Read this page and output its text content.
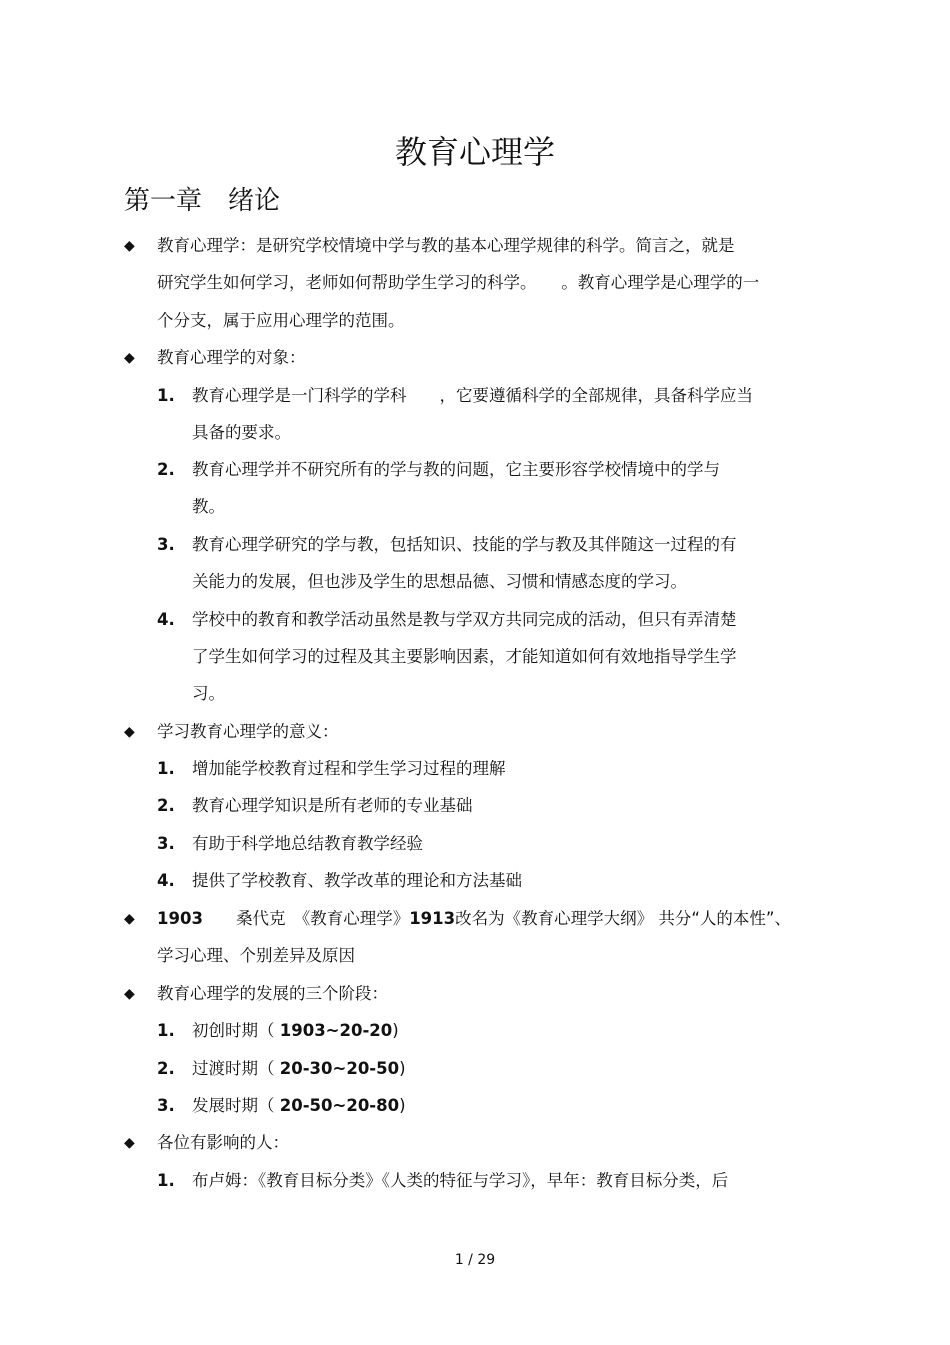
教育心理学
第一章　绪论
◆ 教育心理学：是研究学校情境中学与教的基本心理学规律的科学。简言之，就是
研究学生如何学习，老师如何帮助学生学习的科学。　　。教育心理学是心理学的一
个分支，属于应用心理学的范围。
◆ 教育心理学的对象：
1. 教育心理学是一门科学的学科　　，它要遵循科学的全部规律，具备科学应当
具备的要求。
2. 教育心理学并不研究所有的学与教的问题，它主要形容学校情境中的学与
教。
3. 教育心理学研究的学与教，包括知识、技能的学与教及其伴随这一过程的有
关能力的发展，但也涉及学生的思想品德、习惯和情感态度的学习。
4. 学校中的教育和教学活动虽然是教与学双方共同完成的活动，但只有弄清楚
了学生如何学习的过程及其主要影响因素，才能知道如何有效地指导学生学
习。
◆ 学习教育心理学的意义：
1. 增加能学校教育过程和学生学习过程的理解
2. 教育心理学知识是所有老师的专业基础
3. 有助于科学地总结教育教学经验
4. 提供了学校教育、教学改革的理论和方法基础
◆ 1903　　桑代克　《教育心理学》1913改名为《教育心理学大纲》 共分“人的本性”、
学习心理、个别差异及原因
◆ 教育心理学的发展的三个阶段：
1. 初创时期（ 1903~20-20)
2. 过渡时期（ 20-30~20-50)
3. 发展时期（ 20-50~20-80)
◆ 各位有影响的人：
1. 布卢姆：《教育目标分类》《人类的特征与学习》，早年：教育目标分类，后
1 / 29
